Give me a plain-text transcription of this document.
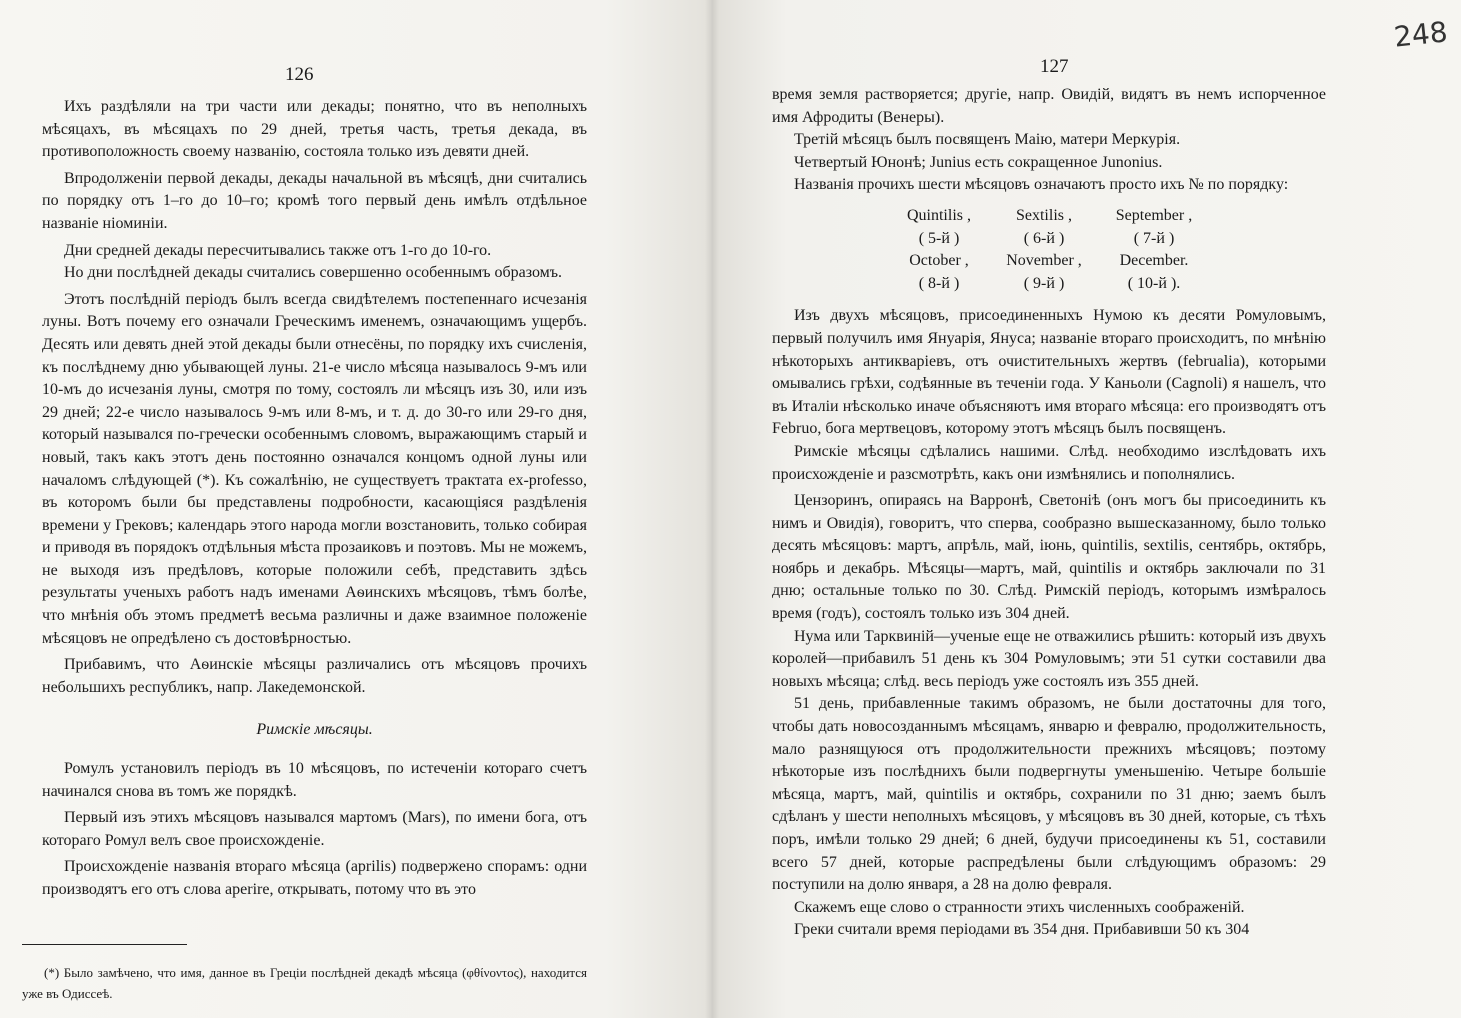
126

Ихъ раздѣляли на три части или декады; понятно, что въ неполныхъ мѣсяцахъ, въ мѣсяцахъ по 29 дней, третья часть, третья декада, въ противоположность своему названію, состояла только изъ девяти дней.

Впродолженіи первой декады, декады начальной въ мѣсяцѣ, дни считались по порядку отъ 1–го до 10–го; кромѣ того первый день имѣлъ отдѣльное названіе ніоминіи.

Дни средней декады пересчитывались также отъ 1-го до 10-го.

Но дни послѣдней декады считались совершенно особеннымъ образомъ.

Этотъ послѣдній періодъ былъ всегда свидѣтелемъ постепеннаго исчезанія луны. Вотъ почему его означали Греческимъ именемъ, означающимъ ущербъ. Десять или девять дней этой декады были отнесёны, по порядку ихъ счисленія, къ послѣднему дню убывающей луны. 21-е число мѣсяца называлось 9-мъ или 10-мъ до исчезанія луны, смотря по тому, состоялъ ли мѣсяцъ изъ 30, или изъ 29 дней; 22-е число называлось 9-мъ или 8-мъ, и т. д. до 30-го или 29-го дня, который назывался по-гречески особеннымъ словомъ, выражающимъ старый и новый, такъ какъ этотъ день постоянно означался концомъ одной луны или началомъ слѣдующей (*). Къ сожалѣнію, не существуетъ трактата ex-professo, въ которомъ были бы представлены подробности, касающіяся раздѣленія времени у Грековъ; календарь этого народа могли возстановить, только собирая и приводя въ порядокъ отдѣльныя мѣста прозаиковъ и поэтовъ. Мы не можемъ, не выходя изъ предѣловъ, которые положили себѣ, представить здѣсь результаты ученыхъ работъ надъ именами Аѳинскихъ мѣсяцовъ, тѣмъ болѣе, что мнѣнія объ этомъ предметѣ весьма различны и даже взаимное положеніе мѣсяцовъ не опредѣлено съ достовѣрностью.

Прибавимъ, что Аѳинскіе мѣсяцы различались отъ мѣсяцовъ прочихъ небольшихъ республикъ, напр. Лакедемонской.

Римскіе мѣсяцы.

Ромулъ установилъ періодъ въ 10 мѣсяцовъ, по истеченіи котораго счетъ начинался снова въ томъ же порядкѣ.

Первый изъ этихъ мѣсяцовъ назывался мартомъ (Mars), по имени бога, отъ котораго Ромул велъ свое происхожденіе.

Происхожденіе названія втораго мѣсяца (aprilis) подвержено спорамъ: одни производятъ его отъ слова aperire, открывать, потому что въ это

(*) Было замѣчено, что имя, данное въ Греціи послѣдней декадѣ мѣсяца (φθίνοντος), находится уже въ Одиссеѣ.

127
248

время земля растворяется; другіе, напр. Овидій, видятъ въ немъ испорченное имя Афродиты (Венеры).

Третій мѣсяцъ былъ посвященъ Маію, матери Меркурія.

Четвертый Юнонѣ; Junius есть сокращенное Junonius.

Названія прочихъ шести мѣсяцовъ означаютъ просто ихъ № по порядку:

Quintilis ,	Sextilis ,	September ,
( 5-й )	( 6-й )	( 7-й )
October ,	November ,	December.
( 8-й )	( 9-й )	( 10-й ).

Изъ двухъ мѣсяцовъ, присоединенныхъ Нумою къ десяти Ромуловымъ, первый получилъ имя Януарія, Януса; названіе втораго происходитъ, по мнѣнію нѣкоторыхъ антикваріевъ, отъ очистительныхъ жертвъ (februalia), которыми омывались грѣхи, содѣянные въ теченіи года. У Каньоли (Cagnoli) я нашелъ, что въ Италіи нѣсколько иначе объясняютъ имя втораго мѣсяца: его производятъ отъ Februo, бога мертвецовъ, которому этотъ мѣсяцъ былъ посвященъ.

Римскіе мѣсяцы сдѣлались нашими. Слѣд. необходимо изслѣдовать ихъ происхожденіе и разсмотрѣть, какъ они измѣнялись и пополнялись.

Цензоринъ, опираясь на Варронѣ, Светоніѣ (онъ могъ бы присоединить къ нимъ и Овидія), говоритъ, что сперва, сообразно вышесказанному, было только десять мѣсяцовъ: мартъ, апрѣль, май, іюнь, quintilis, sextilis, сентябрь, октябрь, ноябрь и декабрь. Мѣсяцы—мартъ, май, quintilis и октябрь заключали по 31 дню; остальные только по 30. Слѣд. Римскій періодъ, которымъ измѣралось время (годъ), состоялъ только изъ 304 дней.

Нума или Тарквиній—ученые еще не отважились рѣшить: который изъ двухъ королей—прибавилъ 51 день къ 304 Ромуловымъ; эти 51 сутки составили два новыхъ мѣсяца; слѣд. весь періодъ уже состоялъ изъ 355 дней.

51 день, прибавленные такимъ образомъ, не были достаточны для того, чтобы дать новосозданнымъ мѣсяцамъ, январю и февралю, продолжительность, мало разнящуюся отъ продолжительности прежнихъ мѣсяцовъ; поэтому нѣкоторые изъ послѣднихъ были подвергнуты уменьшенію. Четыре большіе мѣсяца, мартъ, май, quintilis и октябрь, сохранили по 31 дню; заемъ былъ сдѣланъ у шести неполныхъ мѣсяцовъ, у мѣсяцовъ въ 30 дней, которые, съ тѣхъ поръ, имѣли только 29 дней; 6 дней, будучи присоединены къ 51, составили всего 57 дней, которые распредѣлены были слѣдующимъ образомъ: 29 поступили на долю января, а 28 на долю февраля.

Скажемъ еще слово о странности этихъ численныхъ соображеній.

Греки считали время періодами въ 354 дня. Прибавивши 50 къ 304
